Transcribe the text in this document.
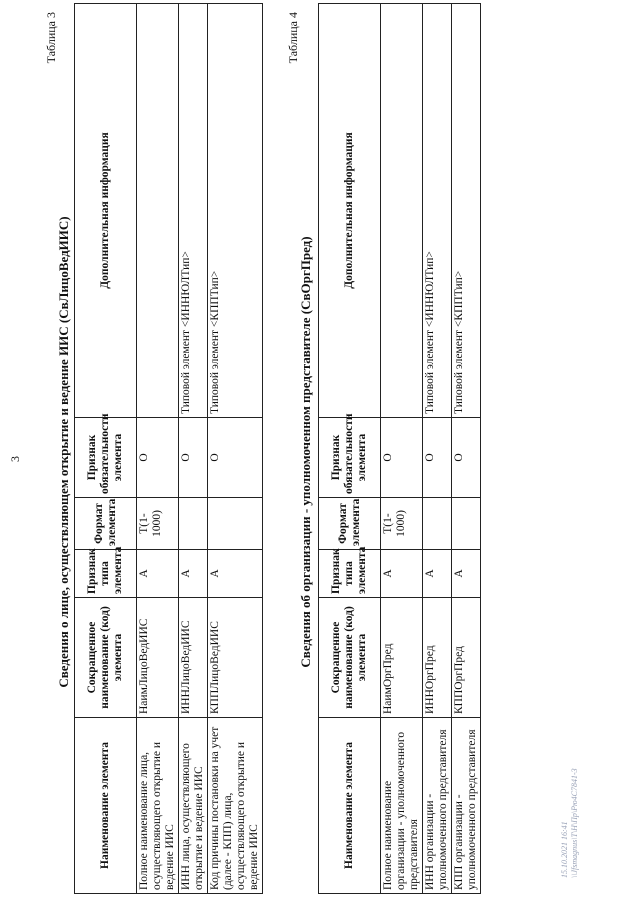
3
Таблица 3
Сведения о лице, осуществляющем открытие и ведение ИИС (СвЛицоВедИИС)
Наименование элемента	Сокращенное наименование (код) элемента	Признак типа элемента	Формат элемента	Признак обязательности элемента	Дополнительная информация
Полное наименование лица, осуществляющего открытие и ведение ИИС	НаимЛицоВедИИС	А	T(1-1000)	О	
ИНН лица, осуществляющего открытие и ведение ИИС	ИННЛицоВедИИС	А		О	Типовой элемент <ИННЮЛТип>
Код причины постановки на учет (далее - КПП) лица, осуществляющего открытие и ведение ИИС	КППЛицоВедИИС	А		О	Типовой элемент <КППТип>
Таблица 4
Сведения об организации - уполномоченном представителе (СвОргПред)
Наименование элемента	Сокращенное наименование (код) элемента	Признак типа элемента	Формат элемента	Признак обязательности элемента	Дополнительная информация
Полное наименование организации - уполномоченного представителя	НаимОргПред	А	T(1-1000)	О	
ИНН организации - уполномоченного представителя	ИННОргПред	А		О	Типовой элемент <ИННЮЛТип>
КПП организации - уполномоченного представителя	КППОргПред	А		О	Типовой элемент <КППТип>
15.10.2021 16:41 \\Jfsmagnus\Т\Н\Пр\Рю4С7841-3
